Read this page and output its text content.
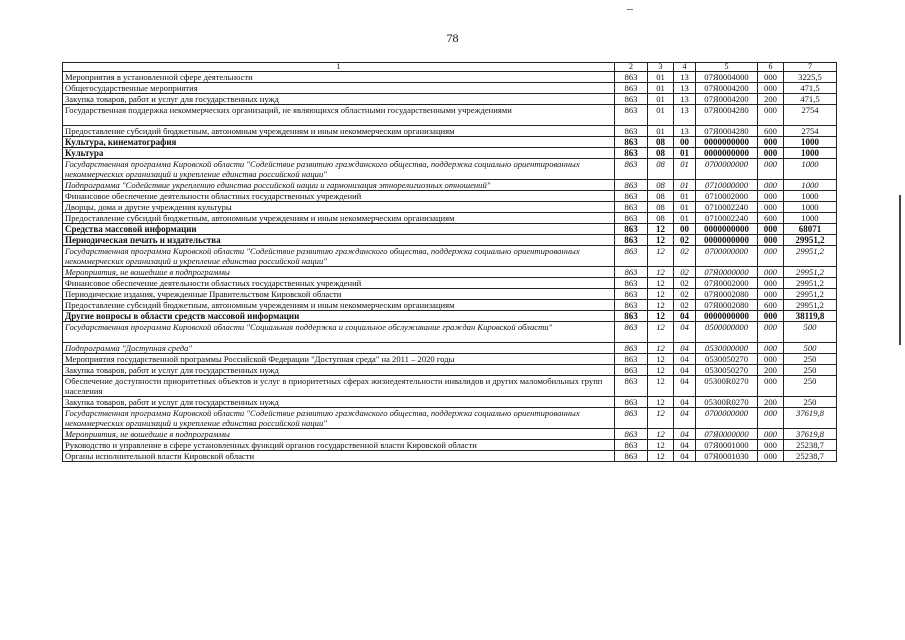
78
1	2	3	4	5	6	7
Мероприятия в установленной сфере деятельности	863	01	13	07Я0004000	000	3225,5
Общегосударственные мероприятия	863	01	13	07Я0004200	000	471,5
Закупка товаров, работ и услуг для государственных нужд	863	01	13	07Я0004200	200	471,5
Государственная поддержка некоммерческих организаций, не являющихся областными государственными учреждениями	863	01	13	07Я0004280	000	2754
Предоставление субсидий бюджетным, автономным учреждениям и иным некоммерческим организациям	863	01	13	07Я0004280	600	2754
Культура, кинематография	863	08	00	0000000000	000	1000
Культура	863	08	01	0000000000	000	1000
Государственная программа Кировской области "Содействие развитию гражданского общества, поддержка социально ориентированных некоммерческих организаций и укрепление единства российской нации"	863	08	01	0700000000	000	1000
Подпрограмма "Содействие укреплению единства российской нации и гармонизация этнорелигиозных отношений"	863	08	01	0710000000	000	1000
Финансовое обеспечение деятельности областных государственных учреждений	863	08	01	0710002000	000	1000
Дворцы, дома и другие учреждения культуры	863	08	01	0710002240	000	1000
Предоставление субсидий бюджетным, автономным учреждениям и иным некоммерческим организациям	863	08	01	0710002240	600	1000
Средства массовой информации	863	12	00	0000000000	000	68071
Периодическая печать и издательства	863	12	02	0000000000	000	29951,2
Государственная программа Кировской области "Содействие развитию гражданского общества, поддержка социально ориентированных некоммерческих организаций и укрепление единства российской нации"	863	12	02	0700000000	000	29951,2
Мероприятия, не вошедшие в подпрограммы	863	12	02	07Я0000000	000	29951,2
Финансовое обеспечение деятельности областных государственных учреждений	863	12	02	07Я0002000	000	29951,2
Периодические издания, учрежденные Правительством Кировской области	863	12	02	07Я0002080	000	29951,2
Предоставление субсидий бюджетным, автономным учреждениям и иным некоммерческим организациям	863	12	02	07Я0002080	600	29951,2
Другие вопросы в области средств массовой информации	863	12	04	0000000000	000	38119,8
Государственная программа Кировской области "Социальная поддержка и социальное обслуживание граждан Кировской области"	863	12	04	0500000000	000	500
Подпрограмма "Доступная среда"	863	12	04	0530000000	000	500
Мероприятия государственной программы Российской Федерации "Доступная среда" на 2011 – 2020 годы	863	12	04	0530050270	000	250
Закупка товаров, работ и услуг для государственных нужд	863	12	04	0530050270	200	250
Обеспечение доступности приоритетных объектов и услуг в приоритетных сферах жизнедеятельности инвалидов и других маломобильных групп населения	863	12	04	05300R0270	000	250
Закупка товаров, работ и услуг для государственных нужд	863	12	04	05300R0270	200	250
Государственная программа Кировской области "Содействие развитию гражданского общества, поддержка социально ориентированных некоммерческих организаций и укрепление единства российской нации"	863	12	04	0700000000	000	37619,8
Мероприятия, не вошедшие в подпрограммы	863	12	04	07Я0000000	000	37619,8
Руководство и управление в сфере установленных функций органов государственной власти Кировской области	863	12	04	07Я0001000	000	25238,7
Органы исполнительной власти Кировской области	863	12	04	07Я0001030	000	25238,7
